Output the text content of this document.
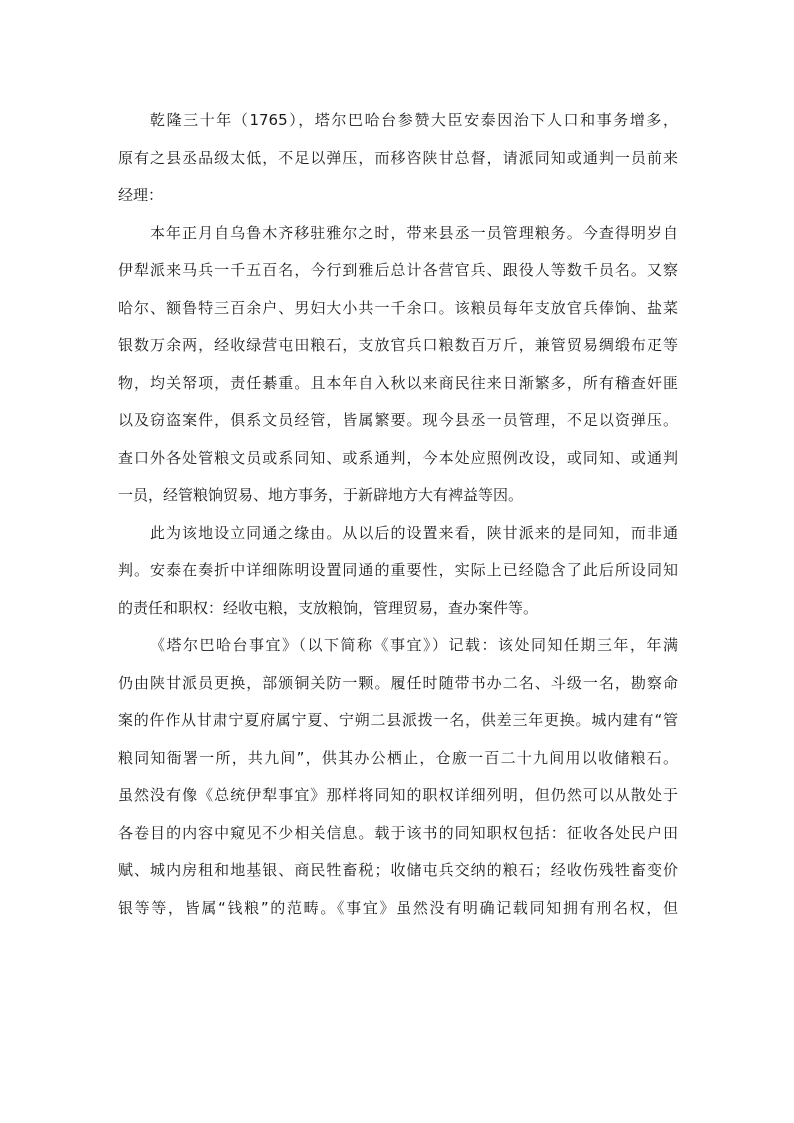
乾隆三十年（1765），塔尔巴哈台参赞大臣安泰因治下人口和事务增多，
原有之县丞品级太低，不足以弹压，而移咨陕甘总督，请派同知或通判一员前来
经理：
本年正月自乌鲁木齐移驻雅尔之时，带来县丞一员管理粮务。今查得明岁自
伊犁派来马兵一千五百名，今行到雅后总计各营官兵、跟役人等数千员名。又察
哈尔、额鲁特三百余户、男妇大小共一千余口。该粮员每年支放官兵俸饷、盐菜
银数万余两，经收绿营屯田粮石，支放官兵口粮数百万斤，兼管贸易绸缎布疋等
物，均关帑项，责任綦重。且本年自入秋以来商民往来日渐繁多，所有稽查奸匪
以及窃盗案件，俱系文员经管，皆属繁要。现今县丞一员管理，不足以资弹压。
查口外各处管粮文员或系同知、或系通判，今本处应照例改设，或同知、或通判
一员，经管粮饷贸易、地方事务，于新辟地方大有裨益等因。
此为该地设立同通之缘由。从以后的设置来看，陕甘派来的是同知，而非通
判。安泰在奏折中详细陈明设置同通的重要性，实际上已经隐含了此后所设同知
的责任和职权：经收屯粮，支放粮饷，管理贸易，查办案件等。
《塔尔巴哈台事宜》（以下简称《事宜》）记载：该处同知任期三年，年满
仍由陕甘派员更换，部颁铜关防一颗。履任时随带书办二名、斗级一名，勘察命
案的仵作从甘肃宁夏府属宁夏、宁朔二县派拨一名，供差三年更换。城内建有“管
粮同知衙署一所，共九间”，供其办公栖止，仓廒一百二十九间用以收储粮石。
虽然没有像《总统伊犁事宜》那样将同知的职权详细列明，但仍然可以从散处于
各卷目的内容中窥见不少相关信息。载于该书的同知职权包括：征收各处民户田
赋、城内房租和地基银、商民牲畜税；收储屯兵交纳的粮石；经收伤残牲畜变价
银等等，皆属“钱粮”的范畴。《事宜》虽然没有明确记载同知拥有刑名权，但
